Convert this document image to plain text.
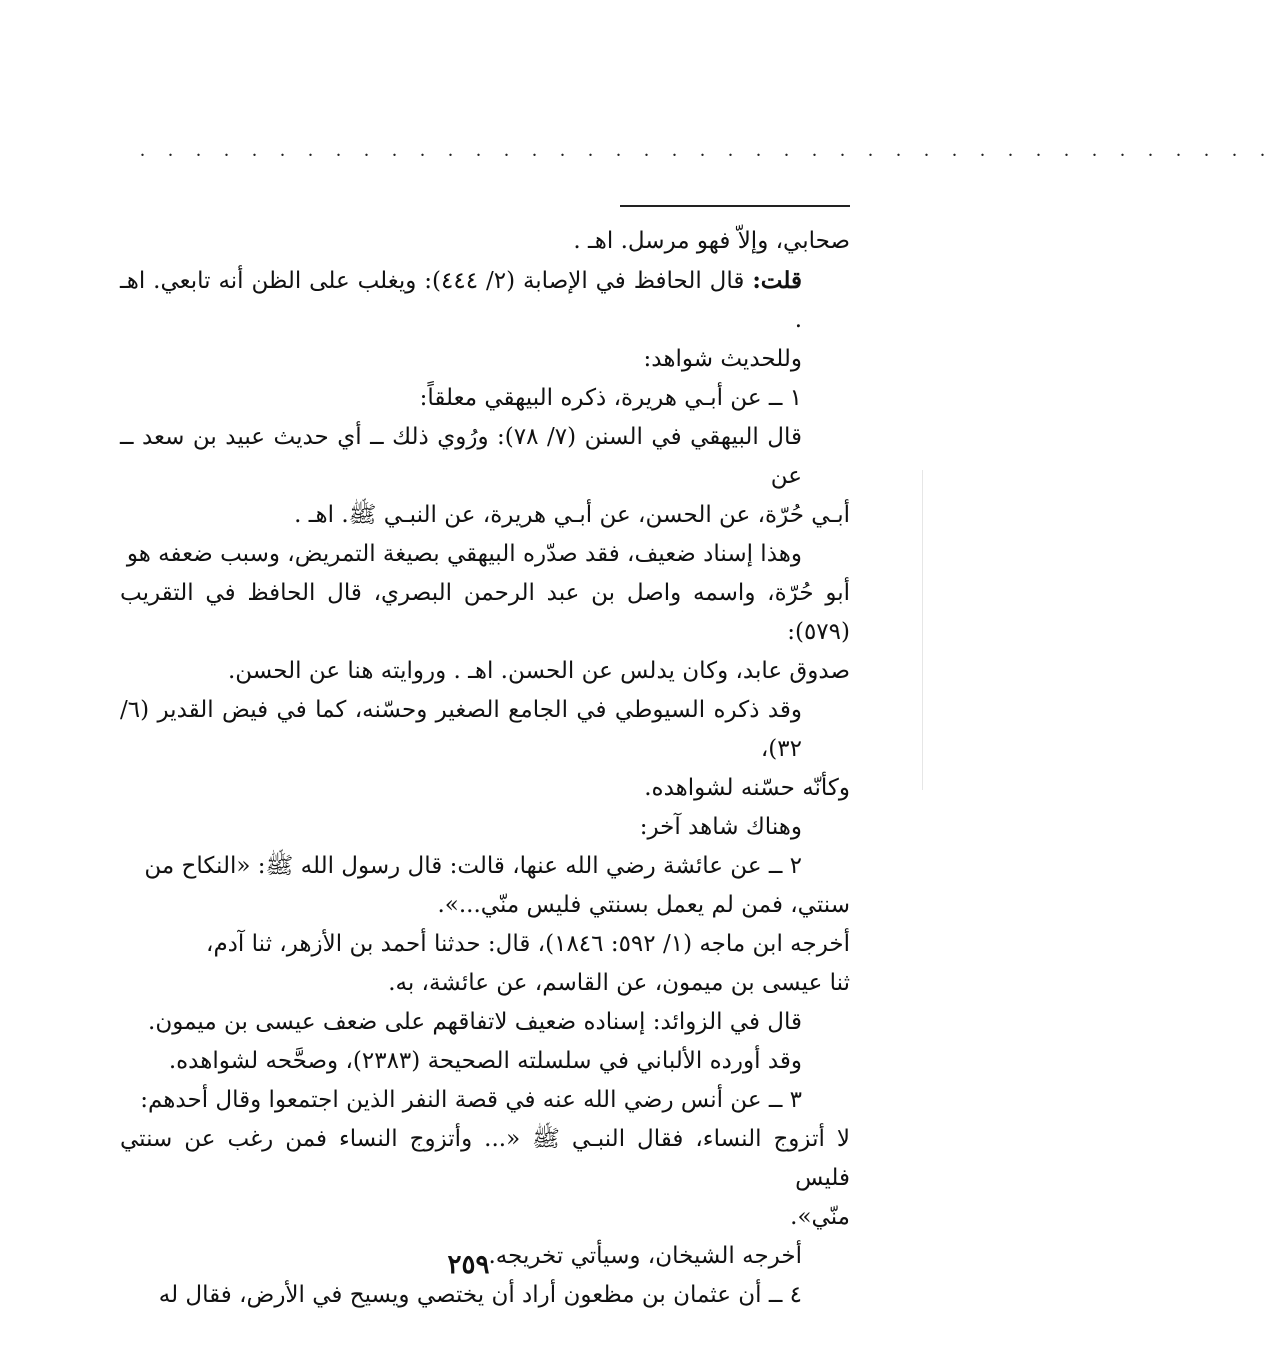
. . . . . . . . . . . . . . . . . . . . . . . . . . . . . . . . . . . . . . . . .

صحابي، وإلاّ فهو مرسل. اهـ .

قلت: قال الحافظ في الإصابة (٢/ ٤٤٤): ويغلب على الظن أنه تابعي. اهـ .

وللحديث شواهد:

١ ــ عن أبـي هريرة، ذكره البيهقي معلقاً:

قال البيهقي في السنن (٧/ ٧٨): ورُوي ذلك ــ أي حديث عبيد بن سعد ــ عن

أبـي حُرّة، عن الحسن، عن أبـي هريرة، عن النبـي ﷺ. اهـ .

وهذا إسناد ضعيف، فقد صدّره البيهقي بصيغة التمريض، وسبب ضعفه هو

أبو حُرّة، واسمه واصل بن عبد الرحمن البصري، قال الحافظ في التقريب (٥٧٩):

صدوق عابد، وكان يدلس عن الحسن. اهـ . وروايته هنا عن الحسن.

وقد ذكره السيوطي في الجامع الصغير وحسّنه، كما في فيض القدير (٦/ ٣٢)،

وكأنّه حسّنه لشواهده.

وهناك شاهد آخر:

٢ ــ عن عائشة رضي الله عنها، قالت: قال رسول الله ﷺ: «النكاح من

سنتي، فمن لم يعمل بسنتي فليس منّي...».

أخرجه ابن ماجه (١/ ٥٩٢: ١٨٤٦)، قال: حدثنا أحمد بن الأزهر، ثنا آدم،

ثنا عيسى بن ميمون، عن القاسم، عن عائشة، به.

قال في الزوائد: إسناده ضعيف لاتفاقهم على ضعف عيسى بن ميمون.

وقد أورده الألباني في سلسلته الصحيحة (٢٣٨٣)، وصحَّحه لشواهده.

٣ ــ عن أنس رضي الله عنه في قصة النفر الذين اجتمعوا وقال أحدهم:

لا أتزوج النساء، فقال النبـي ﷺ «... وأتزوج النساء فمن رغب عن سنتي فليس

منّي».

أخرجه الشيخان، وسيأتي تخريجه.

٤ ــ أن عثمان بن مظعون أراد أن يختصي ويسيح في الأرض، فقال له

٢٥٩
